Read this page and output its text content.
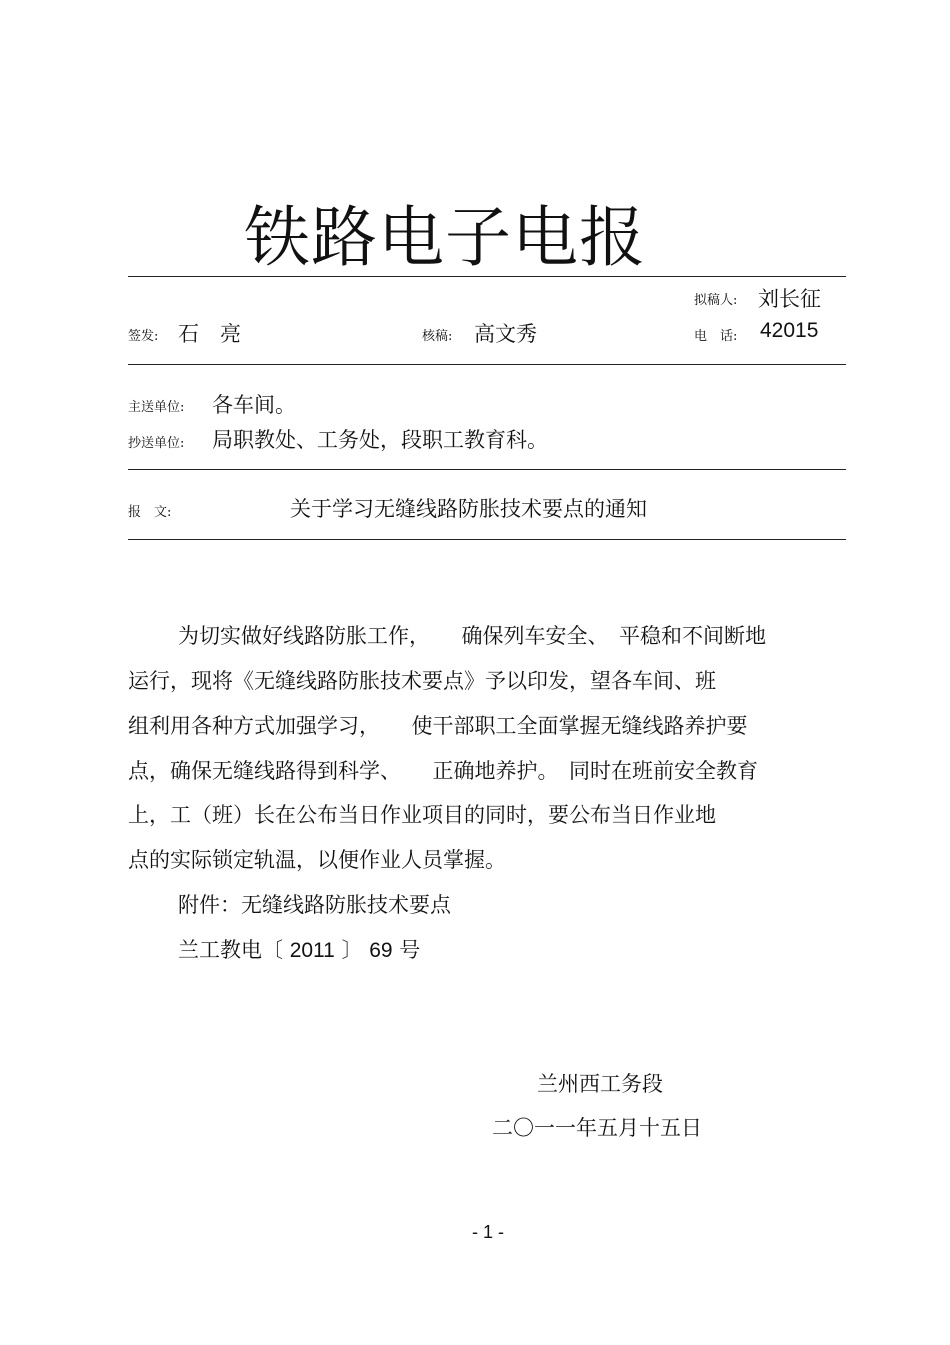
铁路电子电报
拟稿人: 刘长征
签发: 石　亮	核稿: 高文秀	电　话: 42015
主送单位: 各车间。
抄送单位: 局职教处、工务处，段职工教育科。
报　文:	关于学习无缝线路防胀技术要点的通知
为切实做好线路防胀工作，　　确保列车安全、　平稳和不间断地
运行，现将《无缝线路防胀技术要点》予以印发，望各车间、班
组利用各种方式加强学习，　　使干部职工全面掌握无缝线路养护要
点，确保无缝线路得到科学、　　正确地养护。　同时在班前安全教育
上，工（班）长在公布当日作业项目的同时，要公布当日作业地
点的实际锁定轨温，以便作业人员掌握。
附件：无缝线路防胀技术要点
兰工教电〔 2011 〕 69 号
兰州西工务段
二〇一一年五月十五日
- 1 -
